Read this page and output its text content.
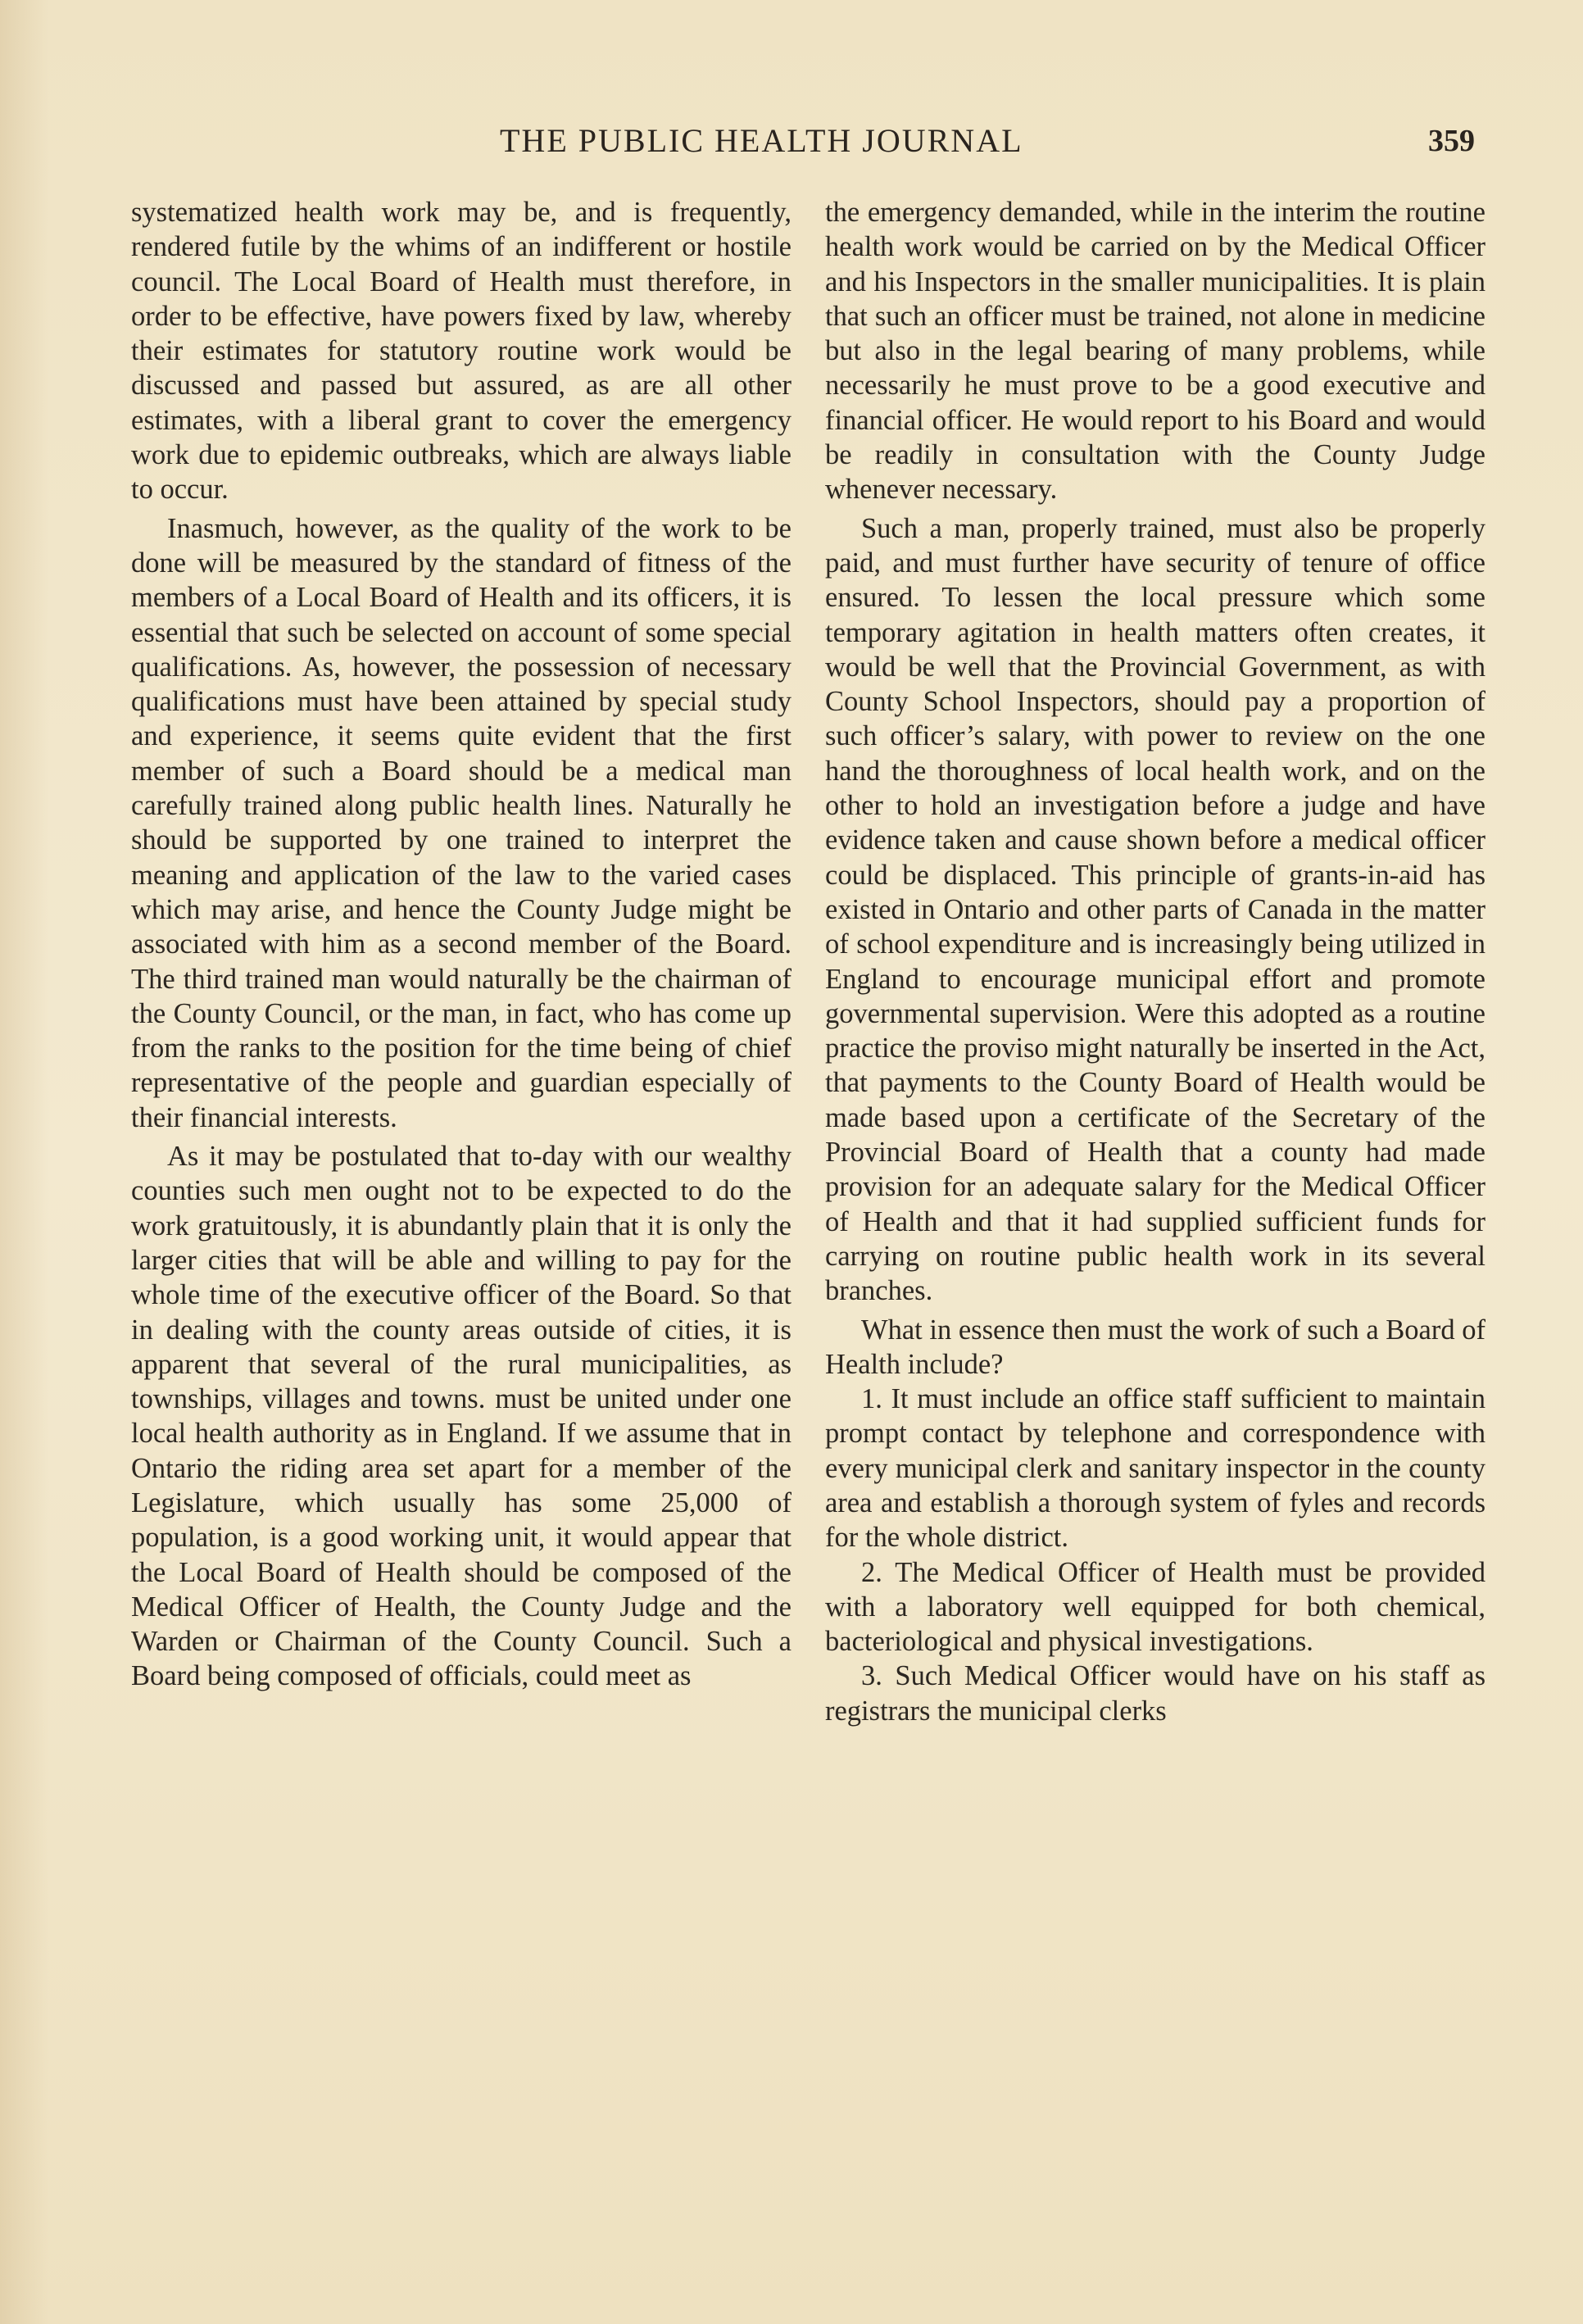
THE PUBLIC HEALTH JOURNAL	359

systematized health work may be, and is frequently, rendered futile by the whims of an indifferent or hostile council. The Local Board of Health must therefore, in order to be effective, have powers fixed by law, whereby their estimates for statutory routine work would be discussed and passed but assured, as are all other estimates, with a liberal grant to cover the emergency work due to epidemic outbreaks, which are always liable to occur.

Inasmuch, however, as the quality of the work to be done will be measured by the standard of fitness of the members of a Local Board of Health and its officers, it is essential that such be selected on account of some special qualifications. As, however, the possession of necessary qualifications must have been attained by special study and experience, it seems quite evident that the first member of such a Board should be a medical man carefully trained along public health lines. Naturally he should be supported by one trained to interpret the meaning and application of the law to the varied cases which may arise, and hence the County Judge might be associated with him as a second member of the Board. The third trained man would naturally be the chairman of the County Council, or the man, in fact, who has come up from the ranks to the position for the time being of chief representative of the people and guardian especially of their financial interests.

As it may be postulated that to-day with our wealthy counties such men ought not to be expected to do the work gratuitously, it is abundantly plain that it is only the larger cities that will be able and willing to pay for the whole time of the executive officer of the Board. So that in dealing with the county areas outside of cities, it is apparent that several of the rural municipalities, as townships, villages and towns. must be united under one local health authority as in England. If we assume that in Ontario the riding area set apart for a member of the Legislature, which usually has some 25,000 of population, is a good working unit, it would appear that the Local Board of Health should be composed of the Medical Officer of Health, the County Judge and the Warden or Chairman of the County Council. Such a Board being composed of officials, could meet as

the emergency demanded, while in the interim the routine health work would be carried on by the Medical Officer and his Inspectors in the smaller municipalities. It is plain that such an officer must be trained, not alone in medicine but also in the legal bearing of many problems, while necessarily he must prove to be a good executive and financial officer. He would report to his Board and would be readily in consultation with the County Judge whenever necessary.

Such a man, properly trained, must also be properly paid, and must further have security of tenure of office ensured. To lessen the local pressure which some temporary agitation in health matters often creates, it would be well that the Provincial Government, as with County School Inspectors, should pay a proportion of such officer’s salary, with power to review on the one hand the thoroughness of local health work, and on the other to hold an investigation before a judge and have evidence taken and cause shown before a medical officer could be displaced. This principle of grants-in-aid has existed in Ontario and other parts of Canada in the matter of school expenditure and is increasingly being utilized in England to encourage municipal effort and promote governmental supervision. Were this adopted as a routine practice the proviso might naturally be inserted in the Act, that payments to the County Board of Health would be made based upon a certificate of the Secretary of the Provincial Board of Health that a county had made provision for an adequate salary for the Medical Officer of Health and that it had supplied sufficient funds for carrying on routine public health work in its several branches.

What in essence then must the work of such a Board of Health include?

1. It must include an office staff sufficient to maintain prompt contact by telephone and correspondence with every municipal clerk and sanitary inspector in the county area and establish a thorough system of fyles and records for the whole district.

2. The Medical Officer of Health must be provided with a laboratory well equipped for both chemical, bacteriological and physical investigations.

3. Such Medical Officer would have on his staff as registrars the municipal clerks
